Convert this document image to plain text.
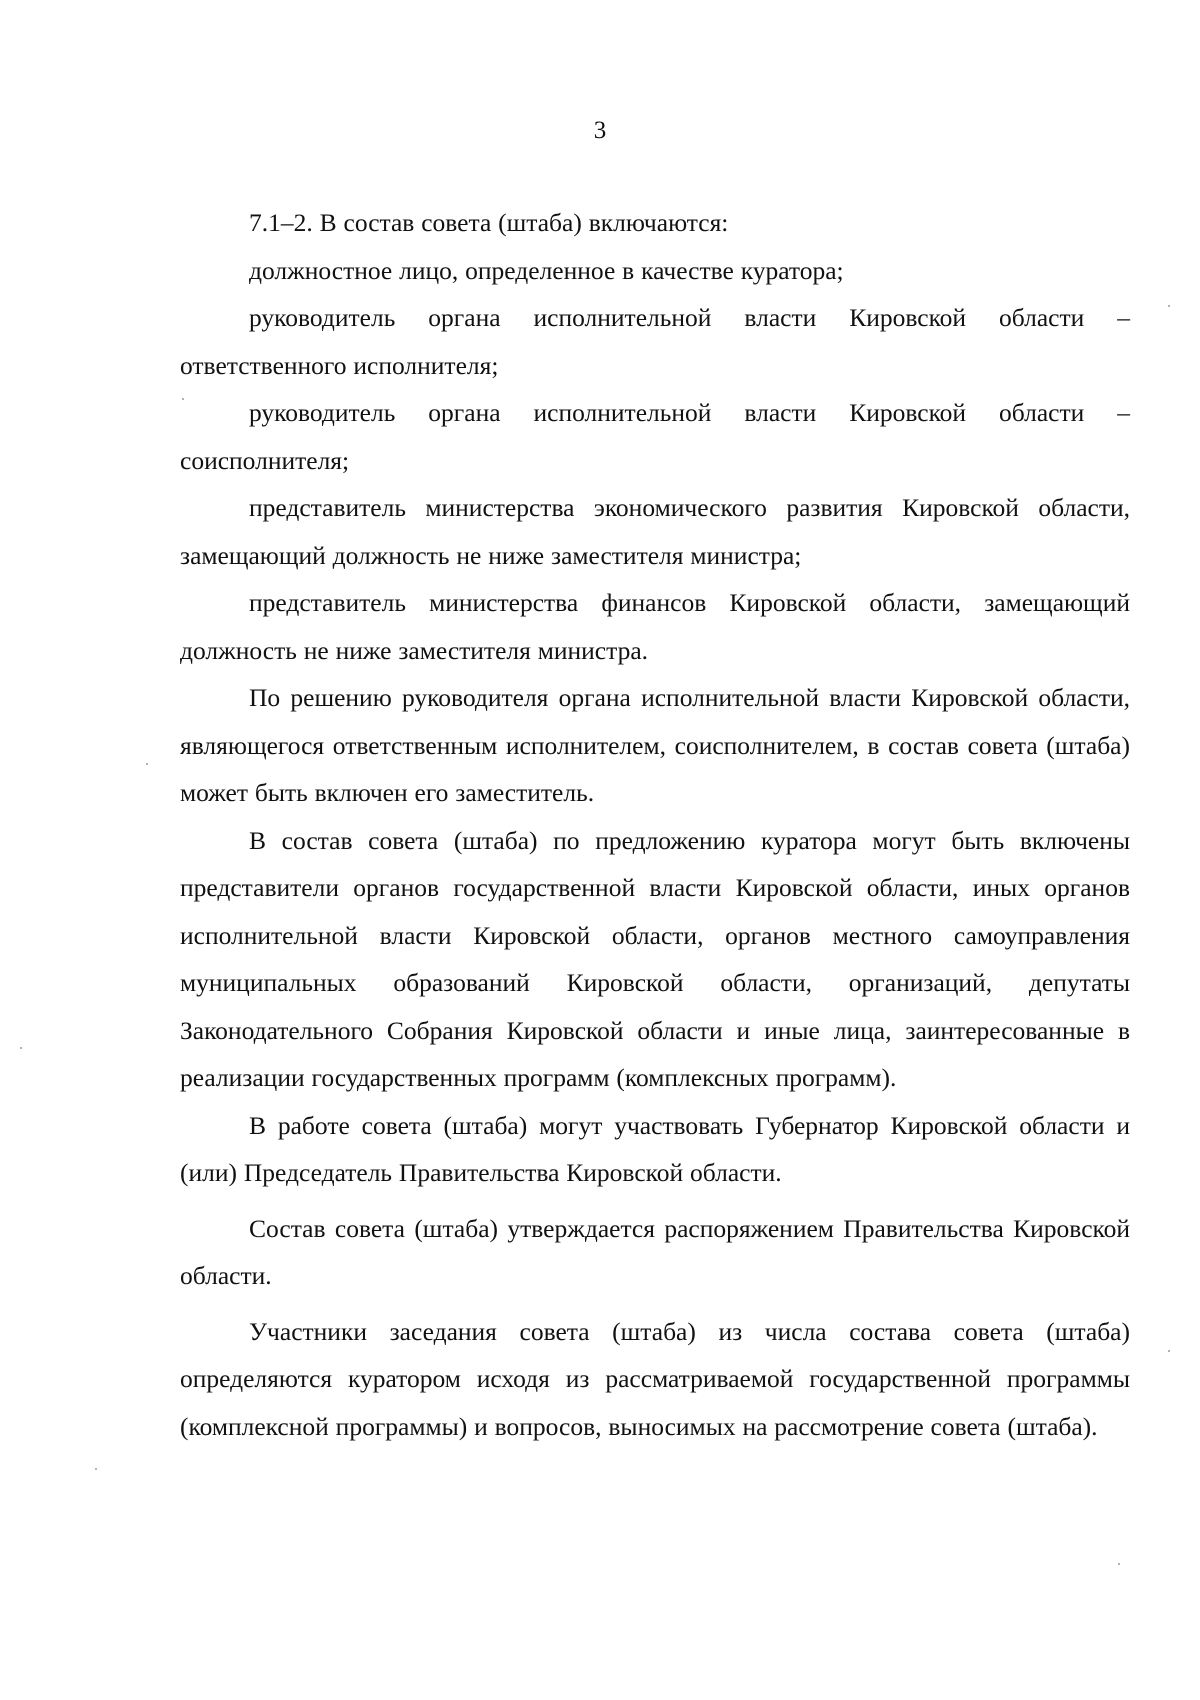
3

7.1–2. В состав совета (штаба) включаются:

должностное лицо, определенное в качестве куратора;

руководитель органа исполнительной власти Кировской области – ответственного исполнителя;

руководитель органа исполнительной власти Кировской области – соисполнителя;

представитель министерства экономического развития Кировской области, замещающий должность не ниже заместителя министра;

представитель министерства финансов Кировской области, замещающий должность не ниже заместителя министра.

По решению руководителя органа исполнительной власти Кировской области, являющегося ответственным исполнителем, соисполнителем, в состав совета (штаба) может быть включен его заместитель.

В состав совета (штаба) по предложению куратора могут быть включены представители органов государственной власти Кировской области, иных органов исполнительной власти Кировской области, органов местного самоуправления муниципальных образований Кировской области, организаций, депутаты Законодательного Собрания Кировской области и иные лица, заинтересованные в реализации государственных программ (комплексных программ).

В работе совета (штаба) могут участвовать Губернатор Кировской области и (или) Председатель Правительства Кировской области.

Состав совета (штаба) утверждается распоряжением Правительства Кировской области.

Участники заседания совета (штаба) из числа состава совета (штаба) определяются куратором исходя из рассматриваемой государственной программы (комплексной программы) и вопросов, выносимых на рассмотрение совета (штаба).
